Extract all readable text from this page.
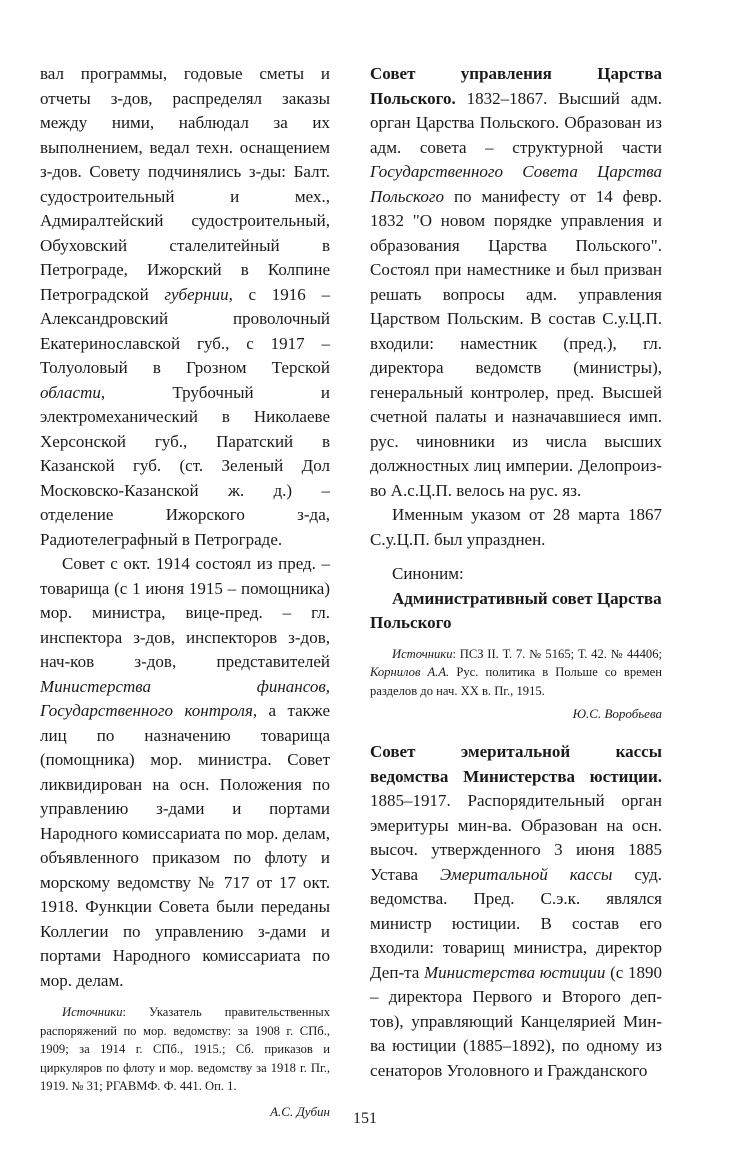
вал программы, годовые сметы и отчеты з-дов, распределял заказы между ними, наблюдал за их выполнением, ведал техн. оснащением з-дов. Совету подчинялись з-ды: Балт. судостроительный и мех., Адмиралтейский судостроительный, Обуховский сталелитейный в Петрограде, Ижорский в Колпине Петроградской губернии, с 1916 – Александровский проволочный Екатеринославской губ., с 1917 – Толуоловый в Грозном Терской области, Трубочный и электромеханический в Николаеве Херсонской губ., Паратский в Казанской губ. (ст. Зеленый Дол Московско-Казанской ж. д.) – отделение Ижорского з-да, Радиотелеграфный в Петрограде.

Совет с окт. 1914 состоял из пред. – товарища (с 1 июня 1915 – помощника) мор. министра, вице-пред. – гл. инспектора з-дов, инспекторов з-дов, нач-ков з-дов, представителей Министерства финансов, Государственного контроля, а также лиц по назначению товарища (помощника) мор. министра. Совет ликвидирован на осн. Положения по управлению з-дами и портами Народного комиссариата по мор. делам, объявленного приказом по флоту и морскому ведомству № 717 от 17 окт. 1918. Функции Совета были переданы Коллегии по управлению з-дами и портами Народного комиссариата по мор. делам.

Источники: Указатель правительственных распоряжений по мор. ведомству: за 1908 г. СПб., 1909; за 1914 г. СПб., 1915.; Сб. приказов и циркуляров по флоту и мор. ведомству за 1918 г. Пг., 1919. № 31; РГАВМФ. Ф. 441. Оп. 1.

А.С. Дубин

Совет управления Царства Польского. 1832–1867. Высший адм. орган Царства Польского. Образован из адм. совета – структурной части Государственного Совета Царства Польского по манифесту от 14 февр. 1832 "О новом порядке управления и образования Царства Польского". Состоял при наместнике и был призван решать вопросы адм. управления Царством Польским. В состав С.у.Ц.П. входили: наместник (пред.), гл. директора ведомств (министры), генеральный контролер, пред. Высшей счетной палаты и назначавшиеся имп. рус. чиновники из числа высших должностных лиц империи. Делопроиз-во А.с.Ц.П. велось на рус. яз.

Именным указом от 28 марта 1867 С.у.Ц.П. был упразднен.

Синоним:

Административный совет Царства Польского

Источники: ПСЗ II. Т. 7. № 5165; Т. 42. № 44406; Корнилов А.А. Рус. политика в Польше со времен разделов до нач. XX в. Пг., 1915.

Ю.С. Воробьева

Совет эмеритальной кассы ведомства Министерства юстиции. 1885–1917. Распорядительный орган эмеритуры мин-ва. Образован на осн. высоч. утвержденного 3 июня 1885 Устава Эмеритальной кассы суд. ведомства. Пред. С.э.к. являлся министр юстиции. В состав его входили: товарищ министра, директор Деп-та Министерства юстиции (с 1890 – директора Первого и Второго деп-тов), управляющий Канцелярией Мин-ва юстиции (1885–1892), по одному из сенаторов Уголовного и Гражданского

151
